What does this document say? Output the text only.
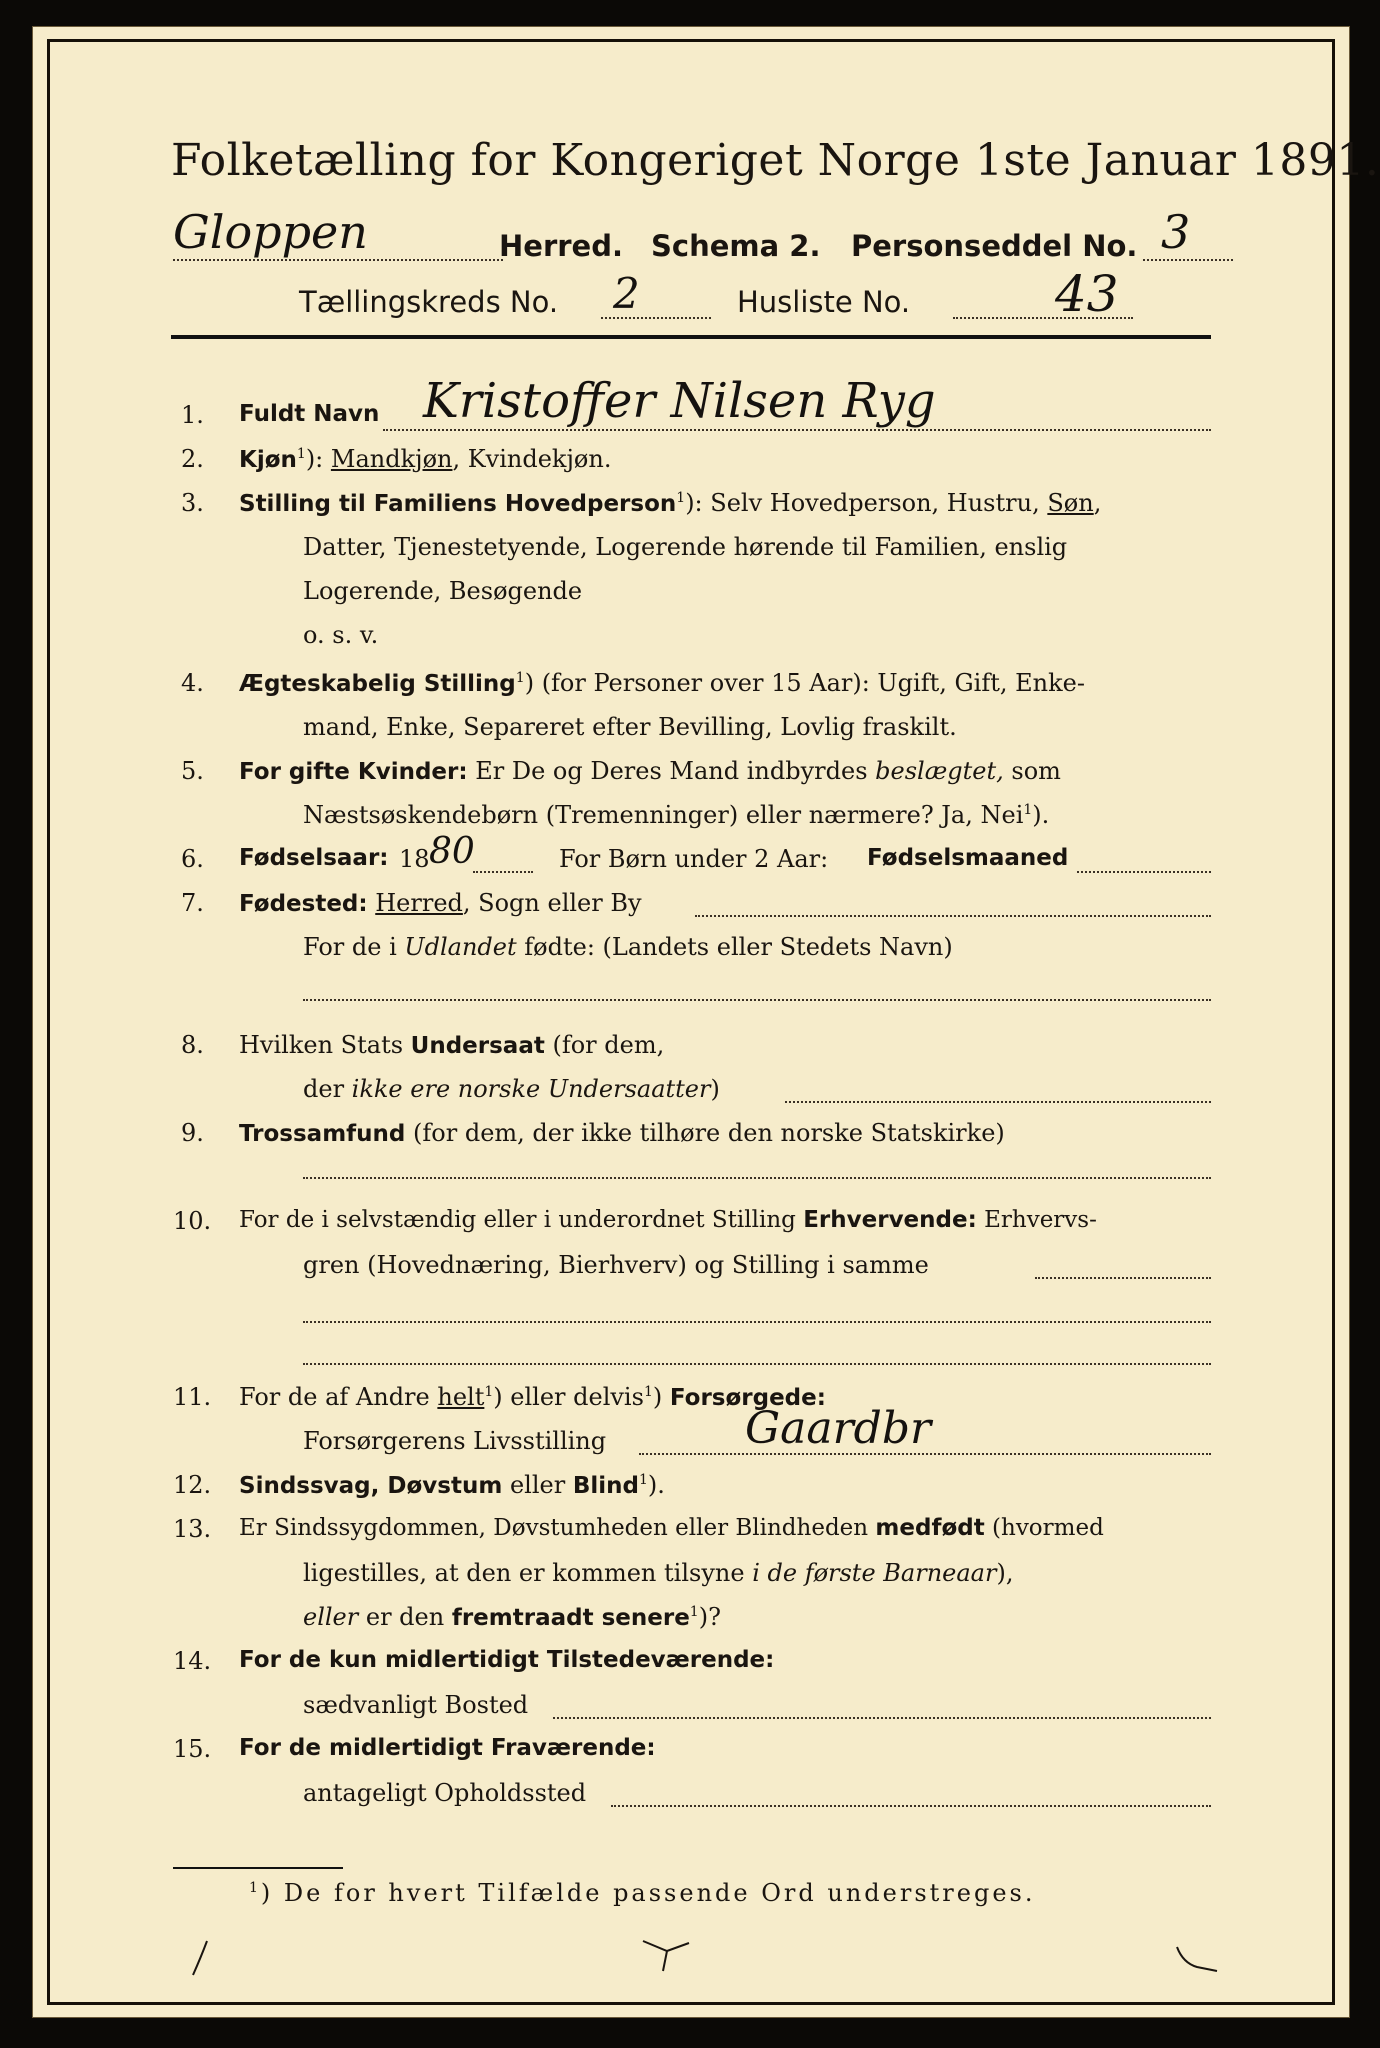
Folketælling for Kongeriget Norge 1ste Januar 1891.
Gloppen	Herred. Schema 2. Personseddel No. 3
Tællingskreds No. 2	Husliste No.	43
1. Fuldt Navn Kristoffer Nilsen Ryg
2. Kjøn$^1$): Mandkjøn, Kvindekjøn.
3. Stilling til Familiens Hovedperson$^1$): Selv Hovedperson, Hustru, Søn,
Datter, Tjenestetyende, Logerende hørende til Familien, enslig
Logerende, Besøgende
o. s. v.
4. Ægteskabelig Stilling$^1$) (for Personer over 15 Aar): Ugift, Gift, Enke-
mand, Enke, Separeret efter Bevilling, Lovlig fraskilt.
5. For gifte Kvinder: Er De og Deres Mand indbyrdes beslægtet, som
Næstsøskendebørn (Tremenninger) eller nærmere? Ja, Nei$^1$).
6. Fødselsaar: 18 80	For Børn under 2 Aar: Fødselsmaaned
7. Fødested: Herred, Sogn eller By
For de i Udlandet fødte: (Landets eller Stedets Navn)
8. Hvilken Stats Undersaat (for dem,
der ikke ere norske Undersaatter)
9. Trossamfund (for dem, der ikke tilhøre den norske Statskirke)
10. For de i selvstændig eller i underordnet Stilling Erhvervende: Erhvervs-
gren (Hovednæring, Bierhverv) og Stilling i samme
11. For de af Andre helt$^1$) eller delvis$^1$) Forsørgede:
Forsørgerens Livsstilling	Gaardbr
12. Sindssvag, Døvstum eller Blind$^1$).
13. Er Sindssygdommen, Døvstumheden eller Blindheden medfødt (hvormed
ligestilles, at den er kommen tilsyne i de første Barneaar),
eller er den fremtraadt senere$^1$)?
14. For de kun midlertidigt Tilstedeværende:
sædvanligt Bosted
15. For de midlertidigt Fraværende:
antageligt Opholdssted
$^1$) De for hvert Tilfælde passende Ord understreges.
